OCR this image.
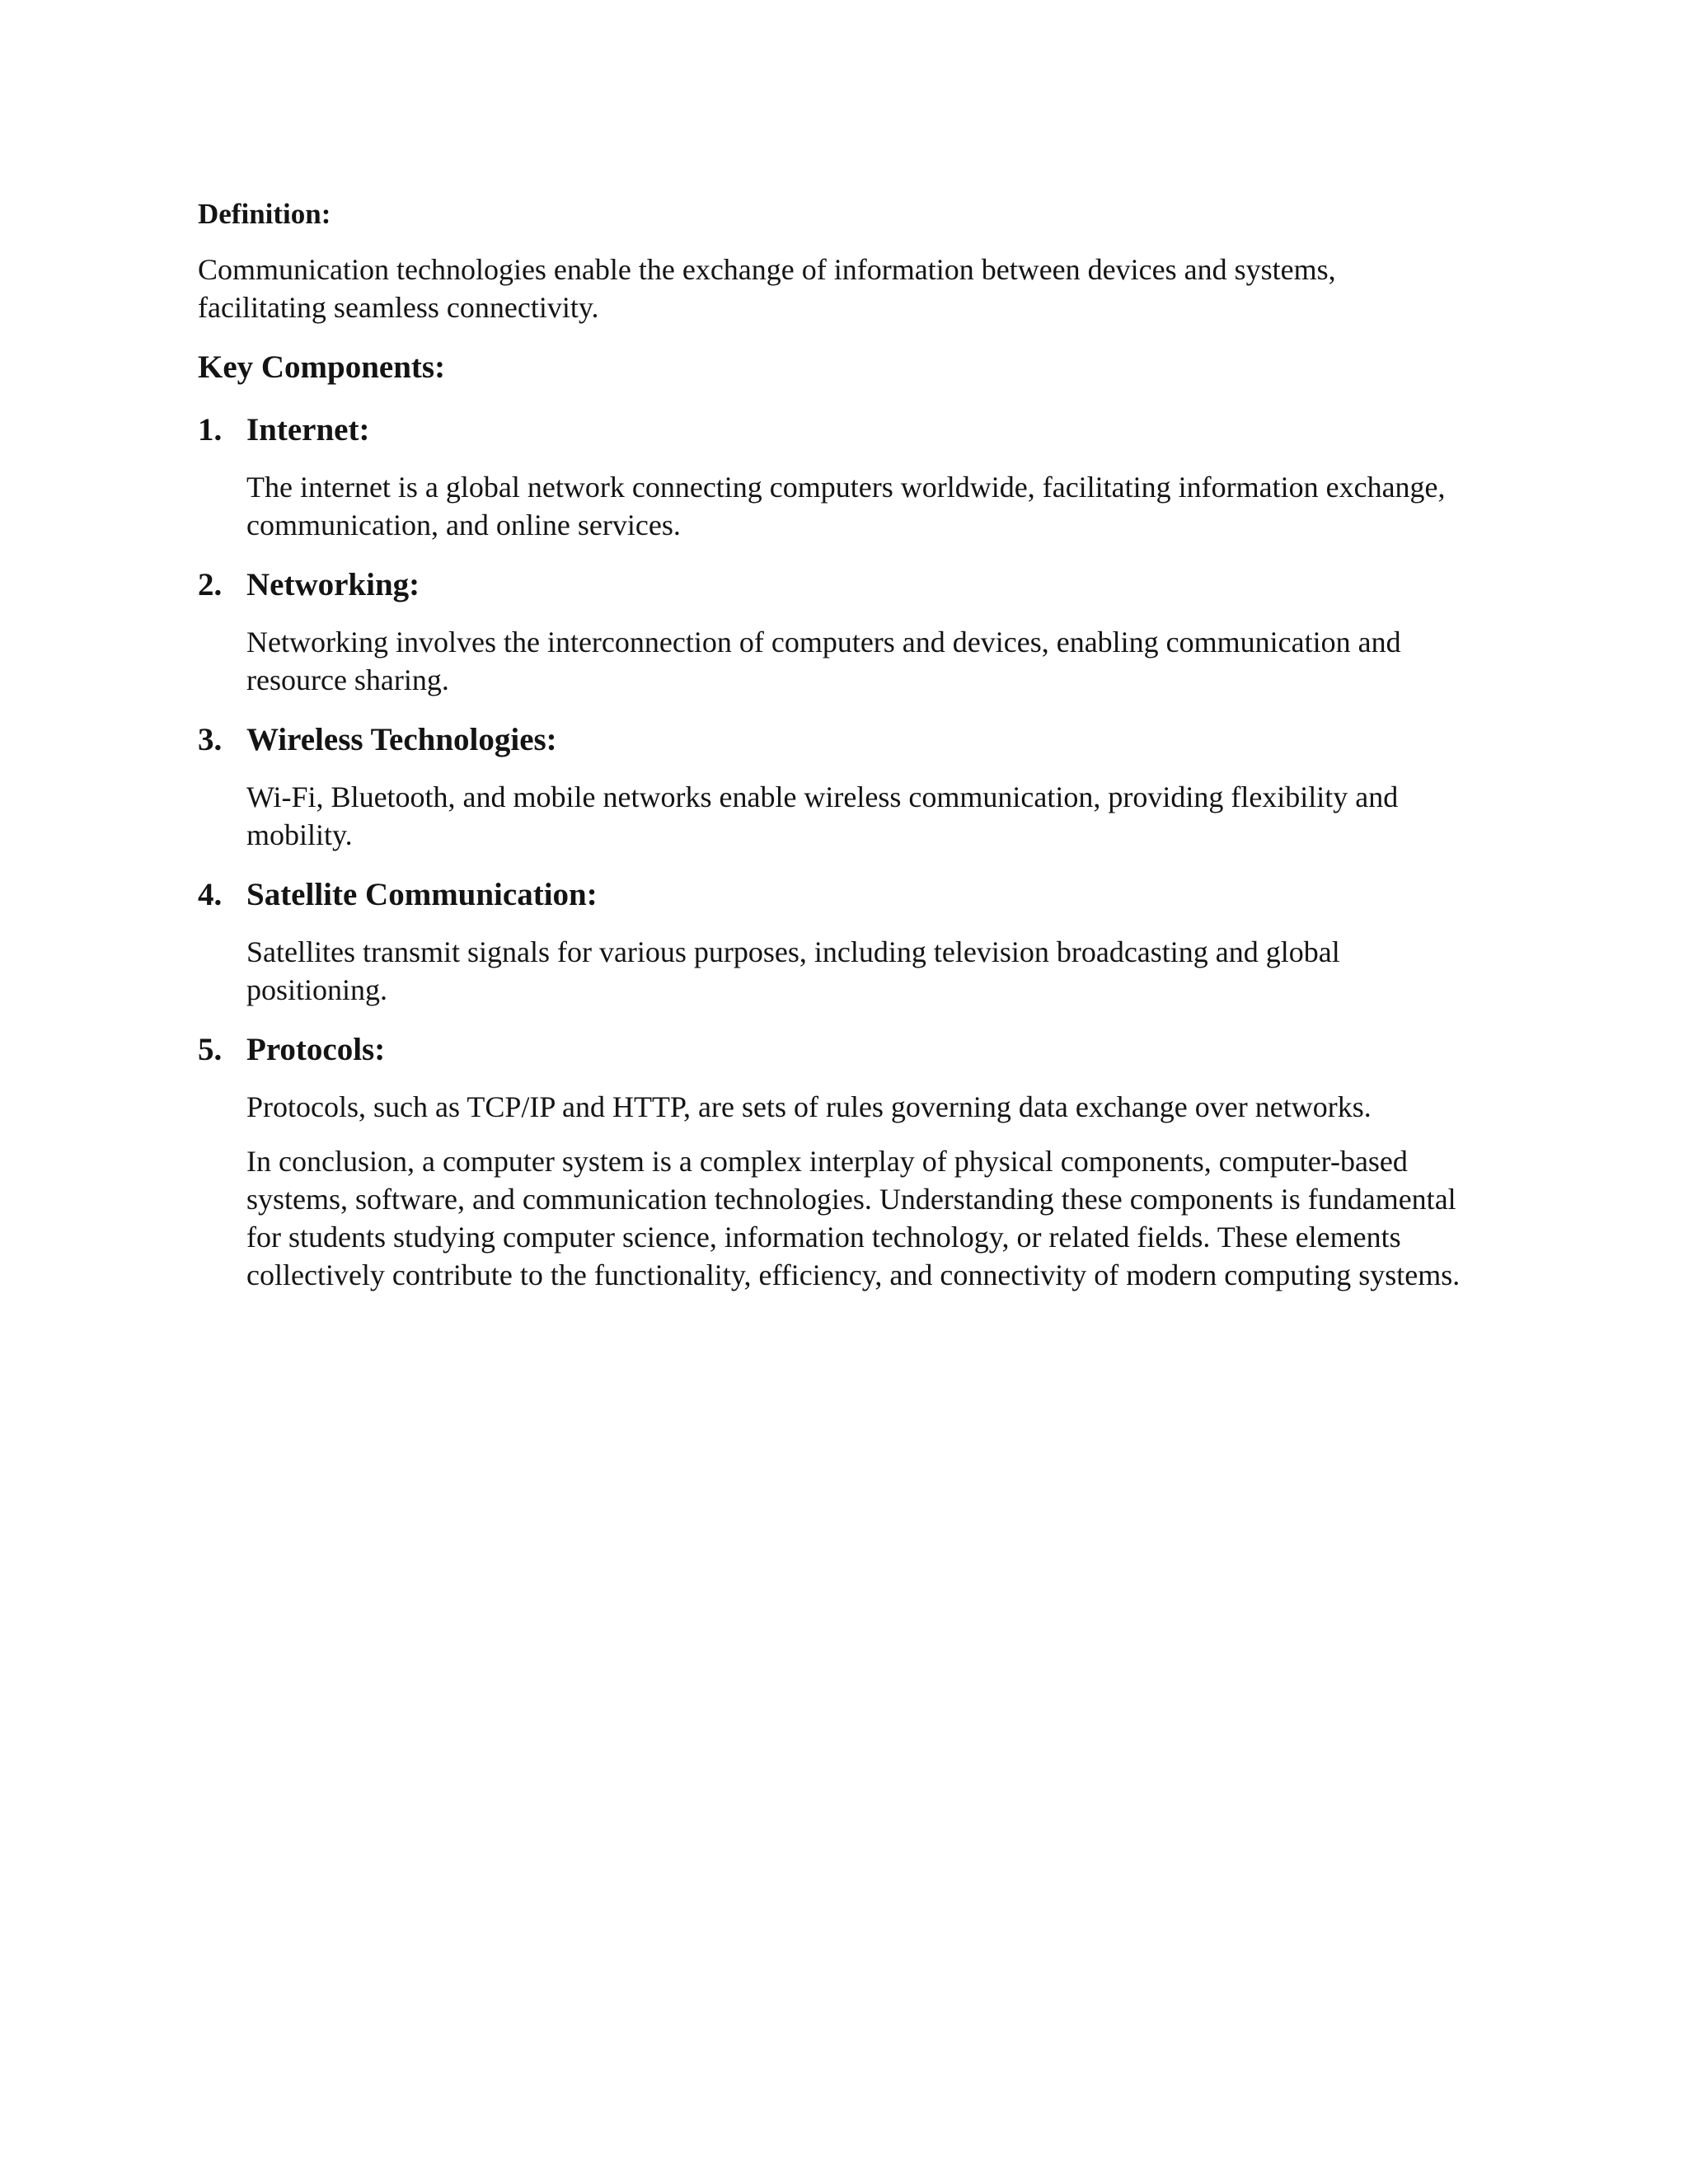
Definition:

Communication technologies enable the exchange of information between devices and systems, facilitating seamless connectivity.

Key Components:
1. Internet:

The internet is a global network connecting computers worldwide, facilitating information exchange, communication, and online services.

2. Networking:

Networking involves the interconnection of computers and devices, enabling communication and resource sharing.

3. Wireless Technologies:

Wi-Fi, Bluetooth, and mobile networks enable wireless communication, providing flexibility and mobility.

4. Satellite Communication:

Satellites transmit signals for various purposes, including television broadcasting and global positioning.

5. Protocols:

Protocols, such as TCP/IP and HTTP, are sets of rules governing data exchange over networks.

In conclusion, a computer system is a complex interplay of physical components, computer-based systems, software, and communication technologies. Understanding these components is fundamental for students studying computer science, information technology, or related fields. These elements collectively contribute to the functionality, efficiency, and connectivity of modern computing systems.
